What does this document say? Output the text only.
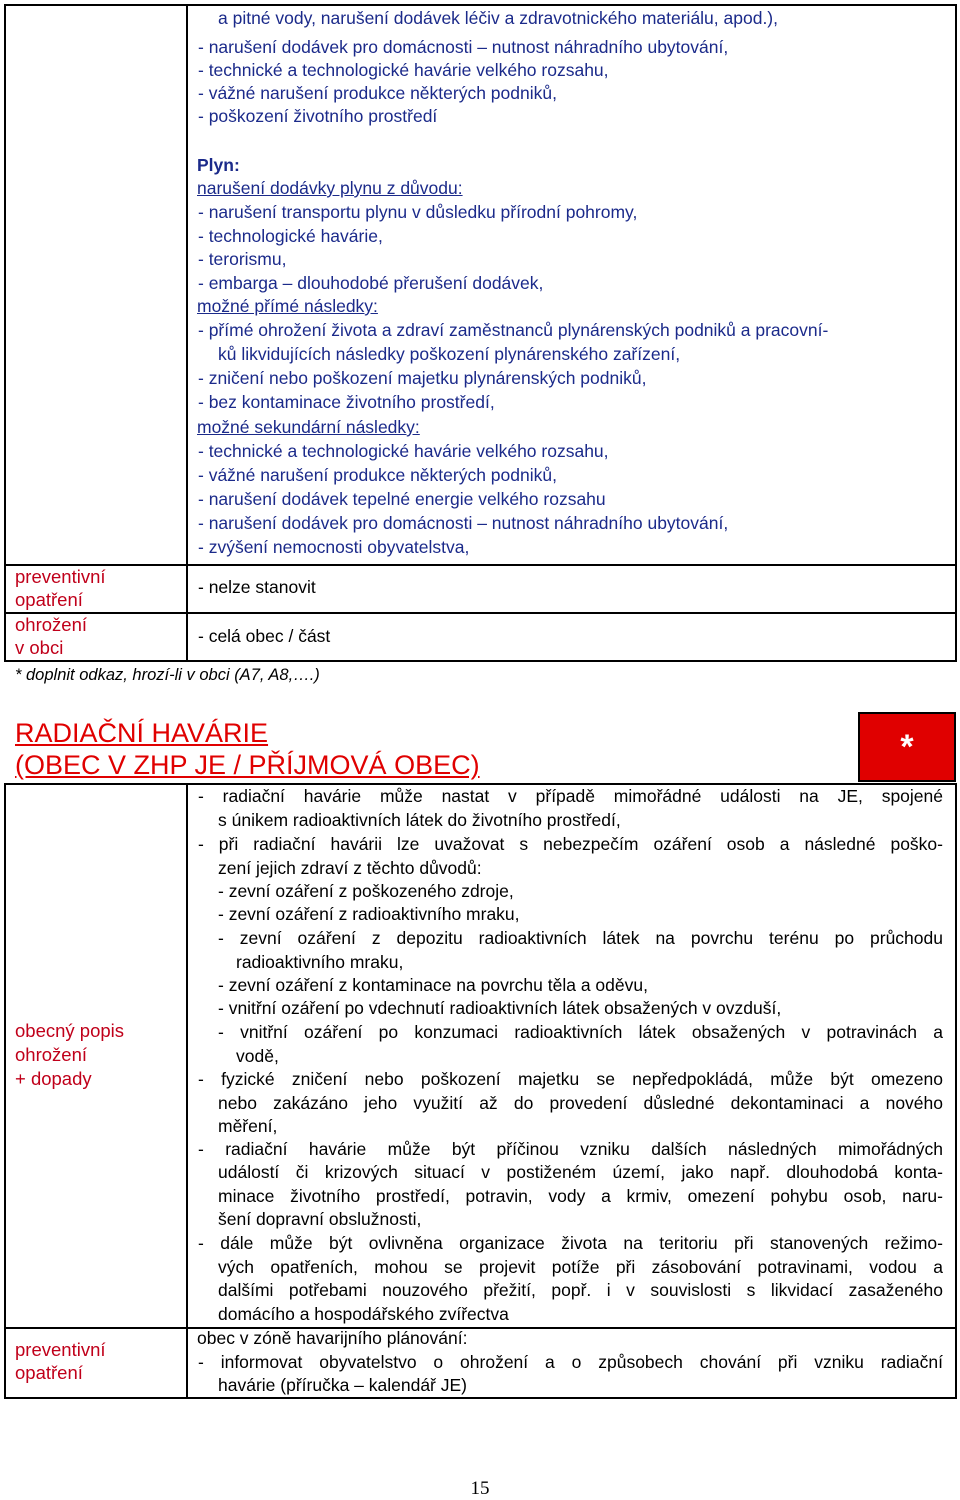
a pitné vody, narušení dodávek léčiv a zdravotnického materiálu, apod.),
- narušení dodávek pro domácnosti – nutnost náhradního ubytování,
- technické a technologické havárie velkého rozsahu,
- vážné narušení produkce některých podniků,
- poškození životního prostředí
Plyn:
narušení dodávky plynu z důvodu:
- narušení transportu plynu v důsledku přírodní pohromy,
- technologické havárie,
- terorismu,
- embarga – dlouhodobé přerušení dodávek,
možné přímé následky:
- přímé ohrožení života a zdraví zaměstnanců plynárenských podniků a pracovní-
ků likvidujících následky poškození plynárenského zařízení,
- zničení nebo poškození majetku plynárenských podniků,
- bez kontaminace životního prostředí,
možné sekundární následky:
- technické a technologické havárie velkého rozsahu,
- vážné narušení produkce některých podniků,
- narušení dodávek tepelné energie velkého rozsahu
- narušení dodávek pro domácnosti – nutnost náhradního ubytování,
- zvýšení nemocnosti obyvatelstva,
preventivní
opatření
- nelze stanovit
ohrožení
v obci
- celá obec / část
* doplnit odkaz, hrozí-li v obci (A7, A8,….)
RADIAČNÍ HAVÁRIE
(OBEC V ZHP JE / PŘÍJMOVÁ OBEC)	*
obecný popis
ohrožení
+ dopady
preventivní
opatření
- radiační havárie může nastat v případě mimořádné události na JE, spojené
s únikem radioaktivních látek do životního prostředí,
- při radiační havárii lze uvažovat s nebezpečím ozáření osob a následné poško-
zení jejich zdraví z těchto důvodů:
- zevní ozáření z poškozeného zdroje,
- zevní ozáření z radioaktivního mraku,
- zevní ozáření z depozitu radioaktivních látek na povrchu terénu po průchodu
radioaktivního mraku,
- zevní ozáření z kontaminace na povrchu těla a oděvu,
- vnitřní ozáření po vdechnutí radioaktivních látek obsažených v ovzduší,
- vnitřní ozáření po konzumaci radioaktivních látek obsažených v potravinách a
vodě,
- fyzické zničení nebo poškození majetku se nepředpokládá, může být omezeno
nebo zakázáno jeho využití až do provedení důsledné dekontaminaci a nového
měření,
- radiační havárie může být příčinou vzniku dalších následných mimořádných
událostí či krizových situací v postiženém území, jako např. dlouhodobá konta-
minace životního prostředí, potravin, vody a krmiv, omezení pohybu osob, naru-
šení dopravní obslužnosti,
- dále může být ovlivněna organizace života na teritoriu při stanovených režimo-
vých opatřeních, mohou se projevit potíže při zásobování potravinami, vodou a
dalšími potřebami nouzového přežití, popř. i v souvislosti s likvidací zasaženého
domácího a hospodářského zvířectva
obec v zóně havarijního plánování:
- informovat obyvatelstvo o ohrožení a o způsobech chování při vzniku radiační
havárie (příručka – kalendář JE)
15
